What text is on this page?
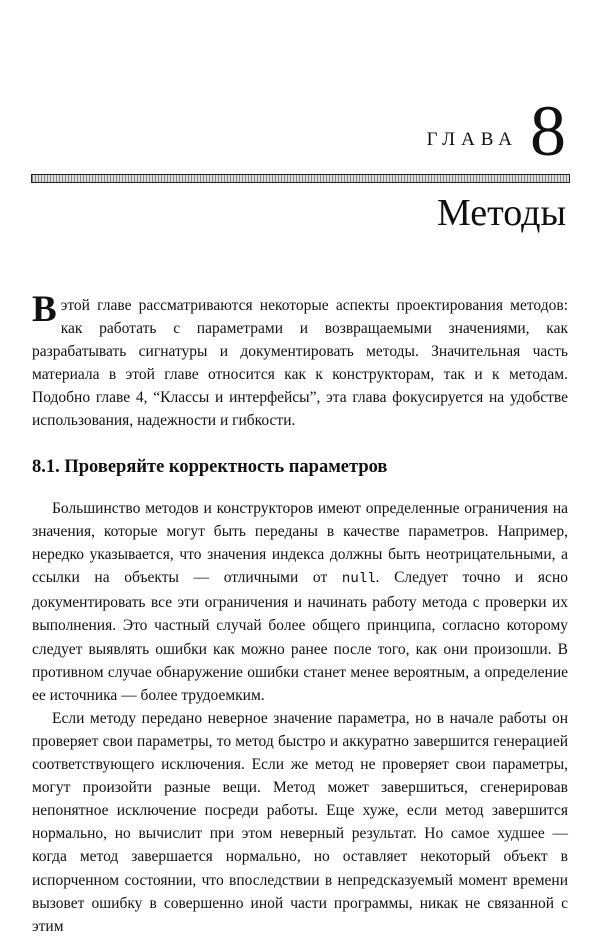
ГЛАВА 8
Методы

В этой главе рассматриваются некоторые аспекты проектирования методов: как работать с параметрами и возвращаемыми значениями, как разрабатывать сигнатуры и документировать методы. Значительная часть материала в этой главе относится как к конструкторам, так и к методам. Подобно главе 4, “Классы и интерфейсы”, эта глава фокусируется на удобстве использования, надежности и гибкости.

8.1. Проверяйте корректность параметров

Большинство методов и конструкторов имеют определенные ограничения на значения, которые могут быть переданы в качестве параметров. Например, нередко указывается, что значения индекса должны быть неотрицательными, а ссылки на объекты — отличными от null. Следует точно и ясно документировать все эти ограничения и начинать работу метода с проверки их выполнения. Это частный случай более общего принципа, согласно которому следует выявлять ошибки как можно ранее после того, как они произошли. В противном случае обнаружение ошибки станет менее вероятным, а определение ее источника — более трудоемким.

Если методу передано неверное значение параметра, но в начале работы он проверяет свои параметры, то метод быстро и аккуратно завершится генерацией соответствующего исключения. Если же метод не проверяет свои параметры, могут произойти разные вещи. Метод может завершиться, сгенерировав непонятное исключение посреди работы. Еще хуже, если метод завершится нормально, но вычислит при этом неверный результат. Но самое худшее — когда метод завершается нормально, но оставляет некоторый объект в испорченном состоянии, что впоследствии в непредсказуемый момент времени вызовет ошибку в совершенно иной части программы, никак не связанной с этим
